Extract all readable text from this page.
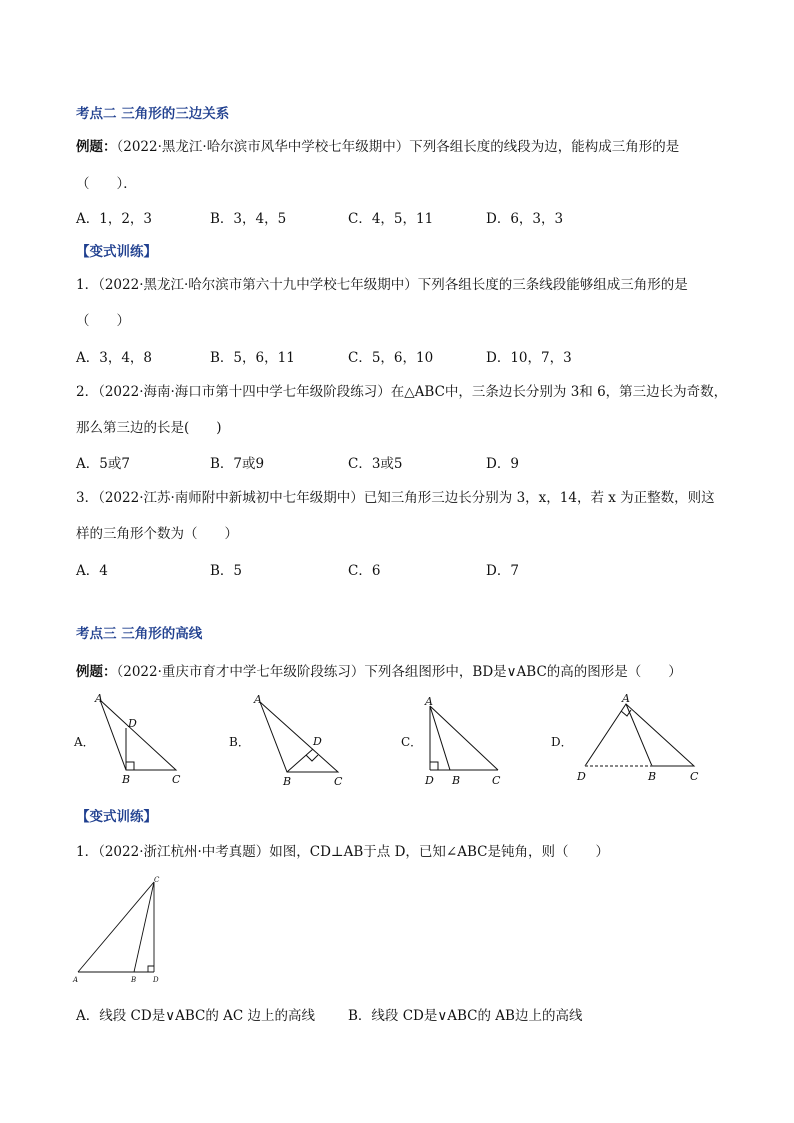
考点二 三角形的三边关系
例题：（2022·黑龙江·哈尔滨市风华中学校七年级期中）下列各组长度的线段为边，能构成三角形的是
（　　）．
A．1，2，3	B．3，4，5	C．4，5，11	D．6，3，3
【变式训练】
1．（2022·黑龙江·哈尔滨市第六十九中学校七年级期中）下列各组长度的三条线段能够组成三角形的是
（　　）
A．3，4，8	B．5，6，11	C．5，6，10	D．10，7，3
2．（2022·海南·海口市第十四中学七年级阶段练习）在△ABC中，三条边长分别为 3和 6，第三边长为奇数，
那么第三边的长是(　　)
A．5或7	B．7或9	C．3或5	D．9
3．（2022·江苏·南师附中新城初中七年级期中）已知三角形三边长分别为 3，x，14，若 x 为正整数，则这
样的三角形个数为（　　）
A．4	B．5	C．6	D．7
考点三 三角形的高线
例题：（2022·重庆市育才中学七年级阶段练习）下列各组图形中，BD是∨ABC的高的图形是（　　）
A．
A
D
B	C
B．
A
D
B	C
C．
A
D B	C
D．
A
D	B	C
【变式训练】
1．（2022·浙江杭州·中考真题）如图，CD⊥AB于点 D，已知∠ABC是钝角，则（　　）
C
A	B D
A．线段 CD是∨ABC的 AC 边上的高线 B．线段 CD是∨ABC的 AB边上的高线
